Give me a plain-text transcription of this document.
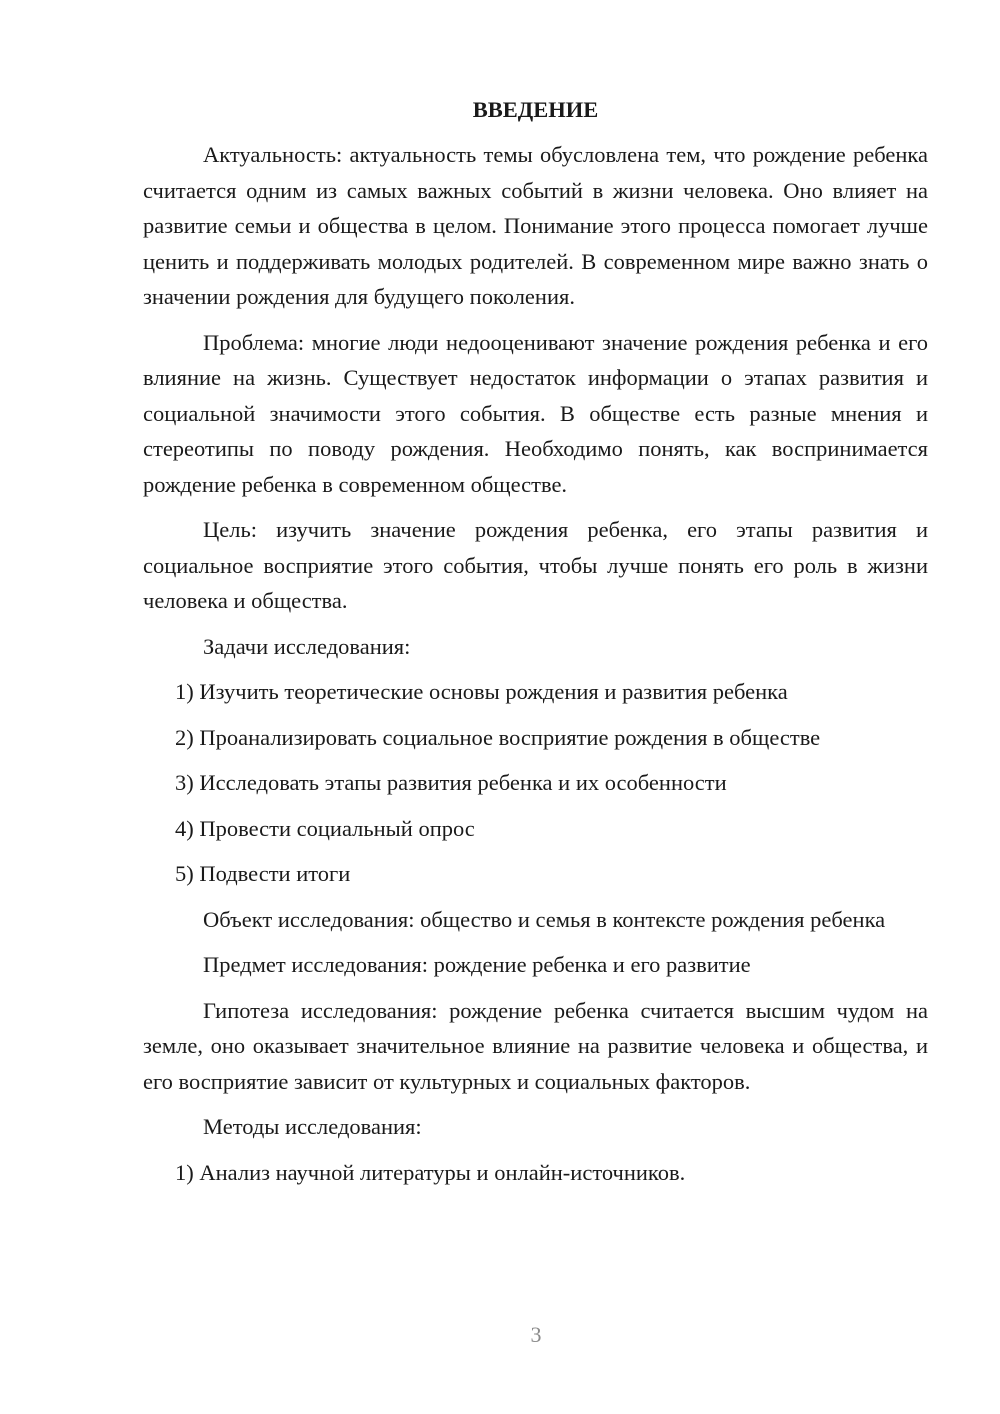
ВВЕДЕНИЕ

Актуальность: актуальность темы обусловлена тем, что рождение ребенка считается одним из самых важных событий в жизни человека. Оно влияет на развитие семьи и общества в целом. Понимание этого процесса помогает лучше ценить и поддерживать молодых родителей. В современном мире важно знать о значении рождения для будущего поколения.

Проблема: многие люди недооценивают значение рождения ребенка и его влияние на жизнь. Существует недостаток информации о этапах развития и социальной значимости этого события. В обществе есть разные мнения и стереотипы по поводу рождения. Необходимо понять, как воспринимается рождение ребенка в современном обществе.

Цель: изучить значение рождения ребенка, его этапы развития и социальное восприятие этого события, чтобы лучше понять его роль в жизни человека и общества.

Задачи исследования:

1) Изучить теоретические основы рождения и развития ребенка
2) Проанализировать социальное восприятие рождения в обществе
3) Исследовать этапы развития ребенка и их особенности
4) Провести социальный опрос
5) Подвести итоги

Объект исследования: общество и семья в контексте рождения ребенка

Предмет исследования: рождение ребенка и его развитие

Гипотеза исследования: рождение ребенка считается высшим чудом на земле, оно оказывает значительное влияние на развитие человека и общества, и его восприятие зависит от культурных и социальных факторов.

Методы исследования:

1) Анализ научной литературы и онлайн-источников.
3
